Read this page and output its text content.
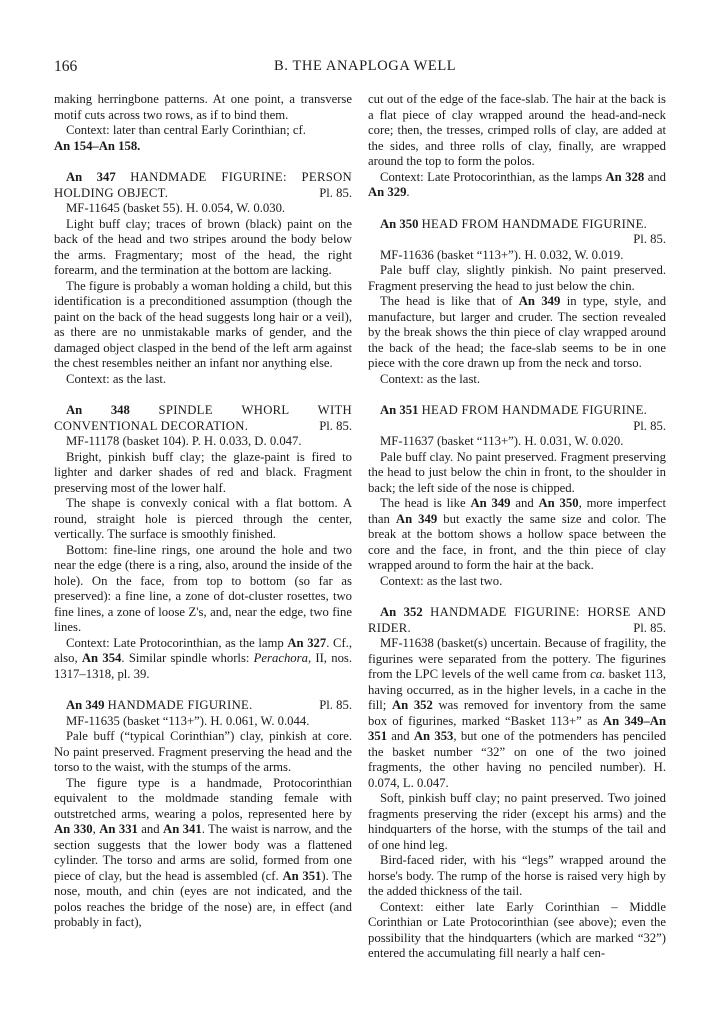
166	B. THE ANAPLOGA WELL

making herringbone patterns. At one point, a transverse motif cuts across two rows, as if to bind them.

Context: later than central Early Corinthian; cf.
An 154–An 158.

An 347 HANDMADE FIGURINE: PERSON HOLDING OBJECT.	Pl. 85.

MF-11645 (basket 55). H. 0.054, W. 0.030.

Light buff clay; traces of brown (black) paint on the back of the head and two stripes around the body below the arms. Fragmentary; most of the head, the right forearm, and the termination at the bottom are lacking.

The figure is probably a woman holding a child, but this identification is a preconditioned assumption (though the paint on the back of the head suggests long hair or a veil), as there are no unmistakable marks of gender, and the damaged object clasped in the bend of the left arm against the chest resembles neither an infant nor anything else.

Context: as the last.

An 348 SPINDLE WHORL WITH CONVENTIONAL DECORATION.	Pl. 85.

MF-11178 (basket 104). P. H. 0.033, D. 0.047.

Bright, pinkish buff clay; the glaze-paint is fired to lighter and darker shades of red and black. Fragment preserving most of the lower half.

The shape is convexly conical with a flat bottom. A round, straight hole is pierced through the center, vertically. The surface is smoothly finished.

Bottom: fine-line rings, one around the hole and two near the edge (there is a ring, also, around the inside of the hole). On the face, from top to bottom (so far as preserved): a fine line, a zone of dot-cluster rosettes, two fine lines, a zone of loose Z's, and, near the edge, two fine lines.

Context: Late Protocorinthian, as the lamp An 327. Cf., also, An 354. Similar spindle whorls: Perachora, II, nos. 1317–1318, pl. 39.

An 349 HANDMADE FIGURINE.	Pl. 85.

MF-11635 (basket “113+”). H. 0.061, W. 0.044.

Pale buff (“typical Corinthian”) clay, pinkish at core. No paint preserved. Fragment preserving the head and the torso to the waist, with the stumps of the arms.

The figure type is a handmade, Protocorinthian equivalent to the moldmade standing female with outstretched arms, wearing a polos, represented here by An 330, An 331 and An 341. The waist is narrow, and the section suggests that the lower body was a flattened cylinder. The torso and arms are solid, formed from one piece of clay, but the head is assembled (cf. An 351). The nose, mouth, and chin (eyes are not indicated, and the polos reaches the bridge of the nose) are, in effect (and probably in fact),

cut out of the edge of the face-slab. The hair at the back is a flat piece of clay wrapped around the head-and-neck core; then, the tresses, crimped rolls of clay, are added at the sides, and three rolls of clay, finally, are wrapped around the top to form the polos.

Context: Late Protocorinthian, as the lamps An 328 and An 329.

An 350 HEAD FROM HANDMADE FIGURINE.
Pl. 85.

MF-11636 (basket “113+”). H. 0.032, W. 0.019.

Pale buff clay, slightly pinkish. No paint preserved. Fragment preserving the head to just below the chin.

The head is like that of An 349 in type, style, and manufacture, but larger and cruder. The section revealed by the break shows the thin piece of clay wrapped around the back of the head; the face-slab seems to be in one piece with the core drawn up from the neck and torso.

Context: as the last.

An 351 HEAD FROM HANDMADE FIGURINE.
Pl. 85.

MF-11637 (basket “113+”). H. 0.031, W. 0.020.

Pale buff clay. No paint preserved. Fragment preserving the head to just below the chin in front, to the shoulder in back; the left side of the nose is chipped.

The head is like An 349 and An 350, more imperfect than An 349 but exactly the same size and color. The break at the bottom shows a hollow space between the core and the face, in front, and the thin piece of clay wrapped around to form the hair at the back.

Context: as the last two.

An 352 HANDMADE FIGURINE: HORSE AND RIDER.	Pl. 85.

MF-11638 (basket(s) uncertain. Because of fragility, the figurines were separated from the pottery. The figurines from the LPC levels of the well came from ca. basket 113, having occurred, as in the higher levels, in a cache in the fill; An 352 was removed for inventory from the same box of figurines, marked “Basket 113+” as An 349–An 351 and An 353, but one of the potmenders has penciled the basket number “32” on one of the two joined fragments, the other having no penciled number). H. 0.074, L. 0.047.

Soft, pinkish buff clay; no paint preserved. Two joined fragments preserving the rider (except his arms) and the hindquarters of the horse, with the stumps of the tail and of one hind leg.

Bird-faced rider, with his “legs” wrapped around the horse's body. The rump of the horse is raised very high by the added thickness of the tail.

Context: either late Early Corinthian – Middle Corinthian or Late Protocorinthian (see above); even the possibility that the hindquarters (which are marked “32”) entered the accumulating fill nearly a half cen-
